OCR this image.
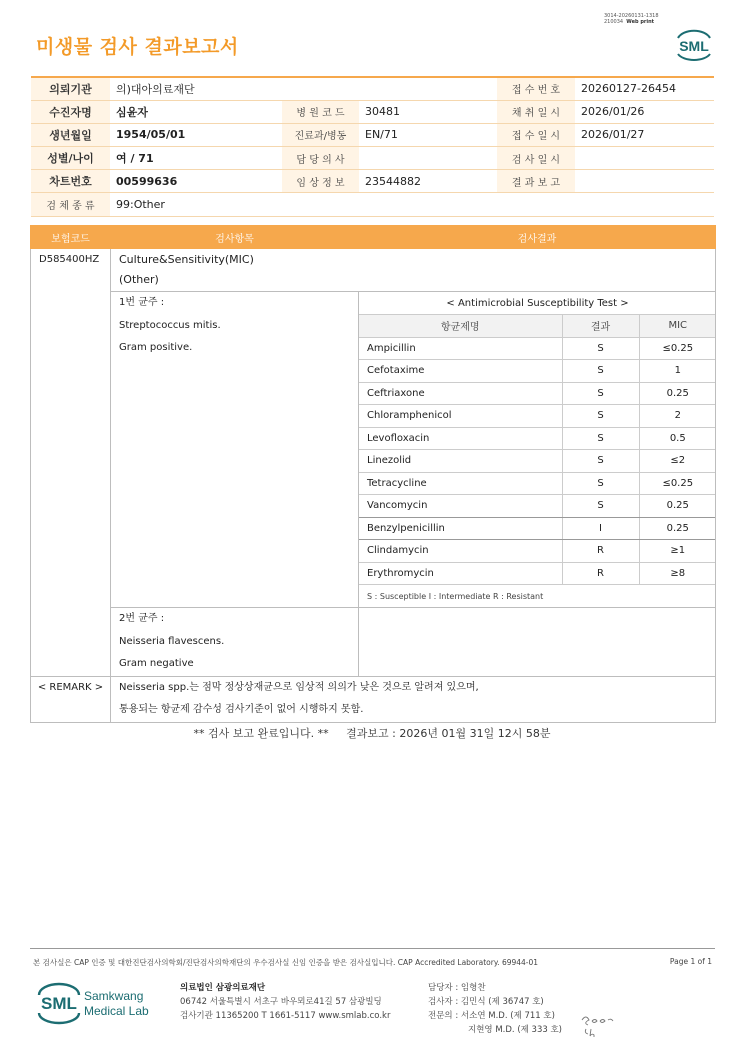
3014-20260131-1318
210034 Web print
미생물 검사 결과보고서	SML
의뢰기관	의)대아의료재단			접 수 번 호	20260127-26454
수진자명	심윤자	병 원 코 드	30481	채 취 일 시	2026/01/26
생년월일	1954/05/01	진료과/병동	EN/71	접 수 일 시	2026/01/27
성별/나이	여 / 71	담 당 의 사		검 사 일 시	
차트번호	00599636	임 상 정 보	23544882	결 과 보 고	
검 체 종 류	99:Other				
보험코드	검사항목	검사결과
D585400HZ	Culture&Sensitivity(MIC)
(Other)

1번 균주 :
Streptococcus mitis.
Gram positive.

< Antimicrobial Susceptibility Test >
항균제명	결과	MIC
Ampicillin	S	≤0.25
Cefotaxime	S	1
Ceftriaxone	S	0.25
Chloramphenicol	S	2
Levofloxacin	S	0.5
Linezolid	S	≤2
Tetracycline	S	≤0.25
Vancomycin	S	0.25
Benzylpenicillin	I	0.25
Clindamycin	R	≥1
Erythromycin	R	≥8
S : Susceptible I : Intermediate R : Resistant

2번 균주 :
Neisseria flavescens.
Gram negative

< REMARK >	Neisseria spp.는 점막 정상상재균으로 임상적 의의가 낮은 것으로 알려져 있으며,
통용되는 항균제 감수성 검사기준이 없어 시행하지 못함.
** 검사 보고 완료입니다. **     결과보고 : 2026년 01월 31일 12시 58분
본 검사실은 CAP 인증 및 대한진단검사의학회/진단검사의학재단의 우수검사실 신임 인증을 받은 검사실입니다. CAP Accredited Laboratory. 69944-01	Page 1 of 1
SML Samkwang
Medical Lab
의료법인 삼광의료재단
06742 서울특별시 서초구 바우뫼로41길 57 삼광빌딩
검사기관 11365200 T 1661-5117 www.smlab.co.kr
담당자 : 임형찬
검사자 : 김민식 (제 36747 호)
전문의 : 서소연 M.D. (제 711 호)
지현영 M.D. (제 333 호)
